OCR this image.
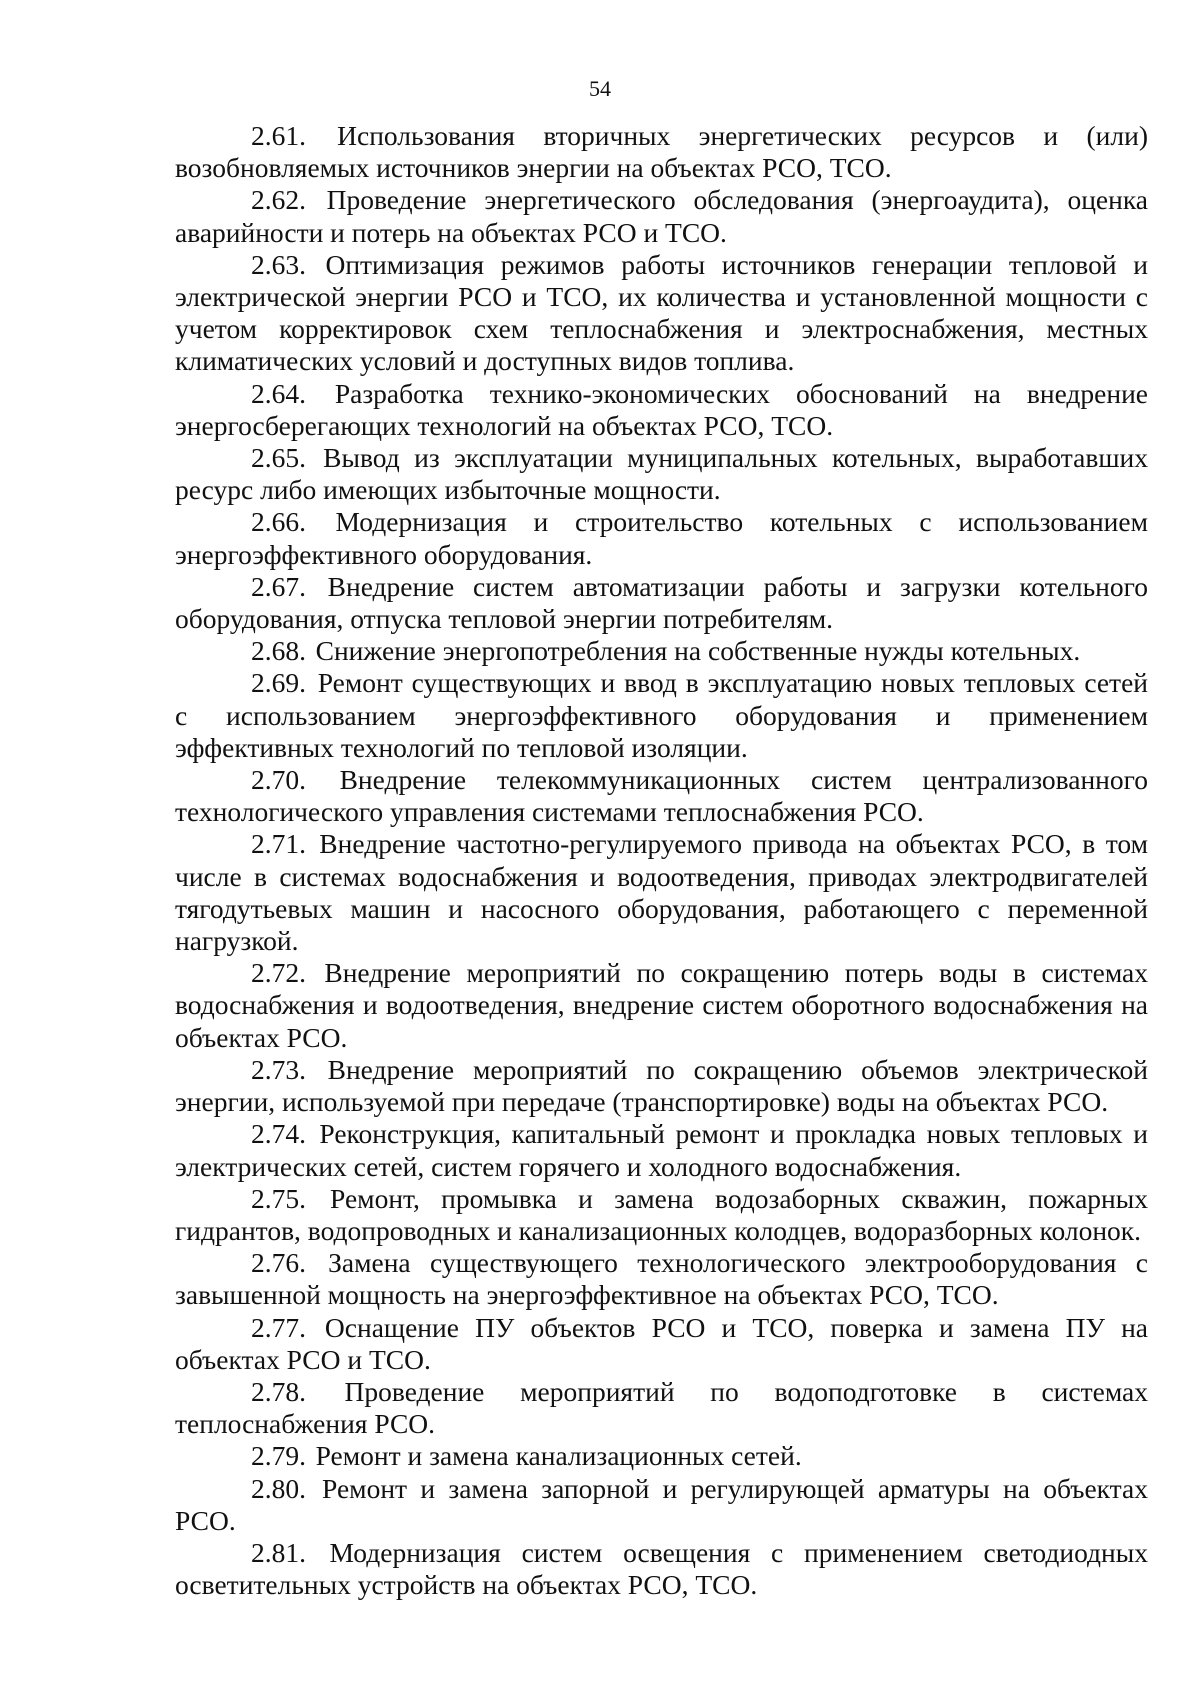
54

2.61. Использования вторичных энергетических ресурсов и (или) возобновляемых источников энергии на объектах РСО, ТСО.

2.62. Проведение энергетического обследования (энергоаудита), оценка аварийности и потерь на объектах РСО и ТСО.

2.63. Оптимизация режимов работы источников генерации тепловой и электрической энергии РСО и ТСО, их количества и установленной мощности с учетом корректировок схем теплоснабжения и электроснабжения, местных климатических условий и доступных видов топлива.

2.64. Разработка технико-экономических обоснований на внедрение энергосберегающих технологий на объектах РСО, ТСО.

2.65. Вывод из эксплуатации муниципальных котельных, выработавших ресурс либо имеющих избыточные мощности.

2.66. Модернизация и строительство котельных с использованием энергоэффективного оборудования.

2.67. Внедрение систем автоматизации работы и загрузки котельного оборудования, отпуска тепловой энергии потребителям.

2.68. Снижение энергопотребления на собственные нужды котельных.

2.69. Ремонт существующих и ввод в эксплуатацию новых тепловых сетей с использованием энергоэффективного оборудования и применением эффективных технологий по тепловой изоляции.

2.70. Внедрение телекоммуникационных систем централизованного технологического управления системами теплоснабжения РСО.

2.71. Внедрение частотно-регулируемого привода на объектах РСО, в том числе в системах водоснабжения и водоотведения, приводах электродвигателей тягодутьевых машин и насосного оборудования, работающего с переменной нагрузкой.

2.72. Внедрение мероприятий по сокращению потерь воды в системах водоснабжения и водоотведения, внедрение систем оборотного водоснабжения на объектах РСО.

2.73. Внедрение мероприятий по сокращению объемов электрической энергии, используемой при передаче (транспортировке) воды на объектах РСО.

2.74. Реконструкция, капитальный ремонт и прокладка новых тепловых и электрических сетей, систем горячего и холодного водоснабжения.

2.75. Ремонт, промывка и замена водозаборных скважин, пожарных гидрантов, водопроводных и канализационных колодцев, водоразборных колонок.

2.76. Замена существующего технологического электрооборудования с завышенной мощность на энергоэффективное на объектах РСО, ТСО.

2.77. Оснащение ПУ объектов РСО и ТСО, поверка и замена ПУ на объектах РСО и ТСО.

2.78. Проведение мероприятий по водоподготовке в системах теплоснабжения РСО.

2.79. Ремонт и замена канализационных сетей.

2.80. Ремонт и замена запорной и регулирующей арматуры на объектах РСО.

2.81. Модернизация систем освещения с применением светодиодных осветительных устройств на объектах РСО, ТСО.
